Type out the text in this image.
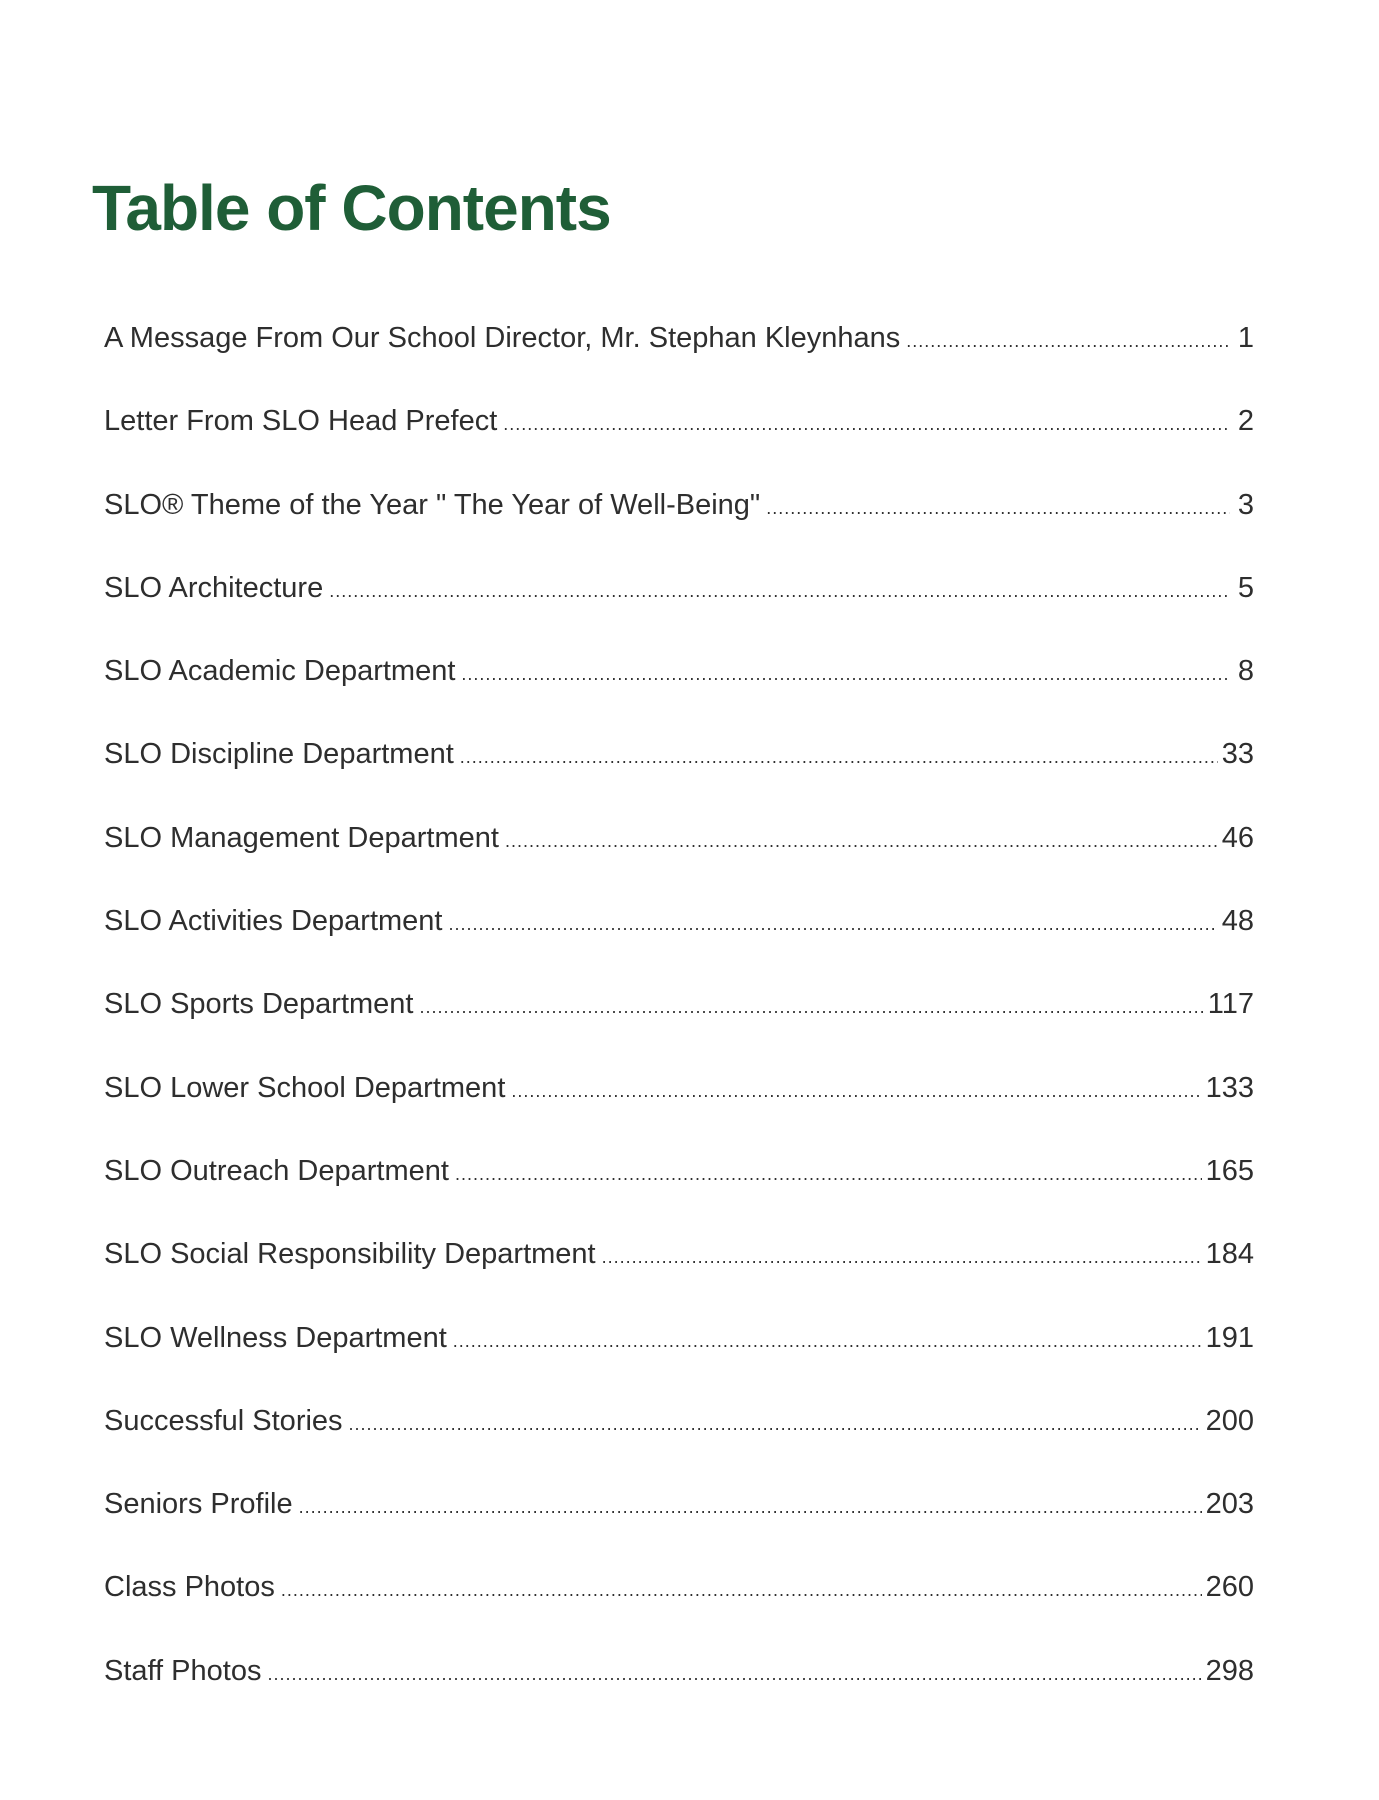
Table of Contents
A Message From Our School Director, Mr. Stephan Kleynhans .....	1
Letter From SLO Head Prefect .....	2
SLO® Theme of the Year " The Year of Well-Being" .....	3
SLO Architecture .....	5
SLO Academic Department .....	8
SLO Discipline Department .....	33
SLO Management Department .....	46
SLO Activities Department .....	48
SLO Sports Department .....	117
SLO Lower School Department .....	133
SLO Outreach Department .....	165
SLO Social Responsibility Department .....	184
SLO Wellness Department .....	191
Successful Stories .....	200
Seniors Profile .....	203
Class Photos .....	260
Staff Photos .....	298
